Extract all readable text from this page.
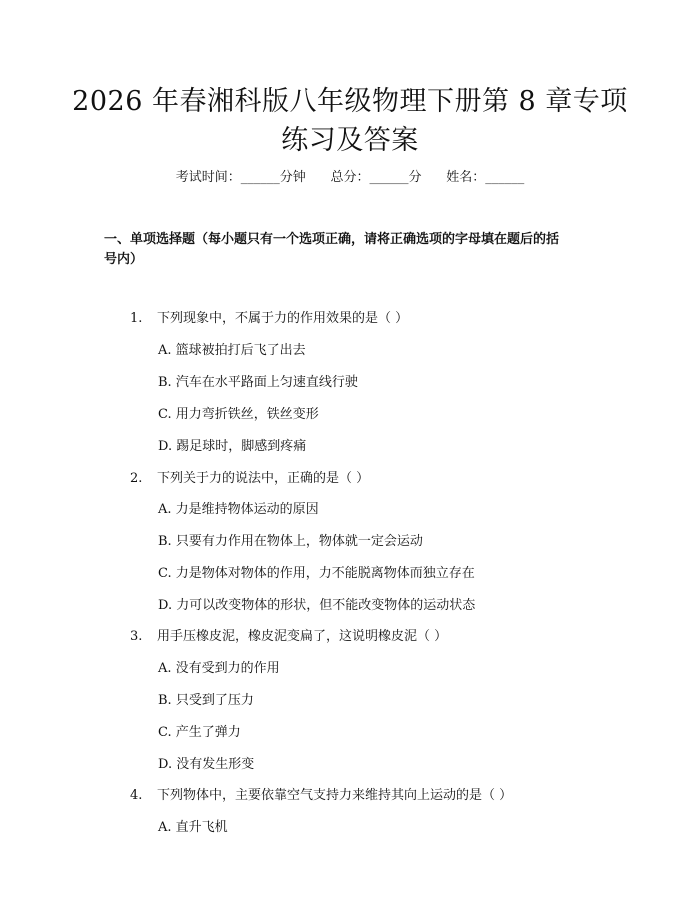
2026 年春湘科版八年级物理下册第 8 章专项
练习及答案
考试时间：______分钟      总分：______分      姓名：______
一、单项选择题（每小题只有一个选项正确，请将正确选项的字母填在题后的括
号内）
1. 下列现象中，不属于力的作用效果的是（ ）
A. 篮球被拍打后飞了出去
B. 汽车在水平路面上匀速直线行驶
C. 用力弯折铁丝，铁丝变形
D. 踢足球时，脚感到疼痛
2. 下列关于力的说法中，正确的是（ ）
A. 力是维持物体运动的原因
B. 只要有力作用在物体上，物体就一定会运动
C. 力是物体对物体的作用，力不能脱离物体而独立存在
D. 力可以改变物体的形状，但不能改变物体的运动状态
3. 用手压橡皮泥，橡皮泥变扁了，这说明橡皮泥（ ）
A. 没有受到力的作用
B. 只受到了压力
C. 产生了弹力
D. 没有发生形变
4. 下列物体中，主要依靠空气支持力来维持其向上运动的是（ ）
A. 直升飞机
